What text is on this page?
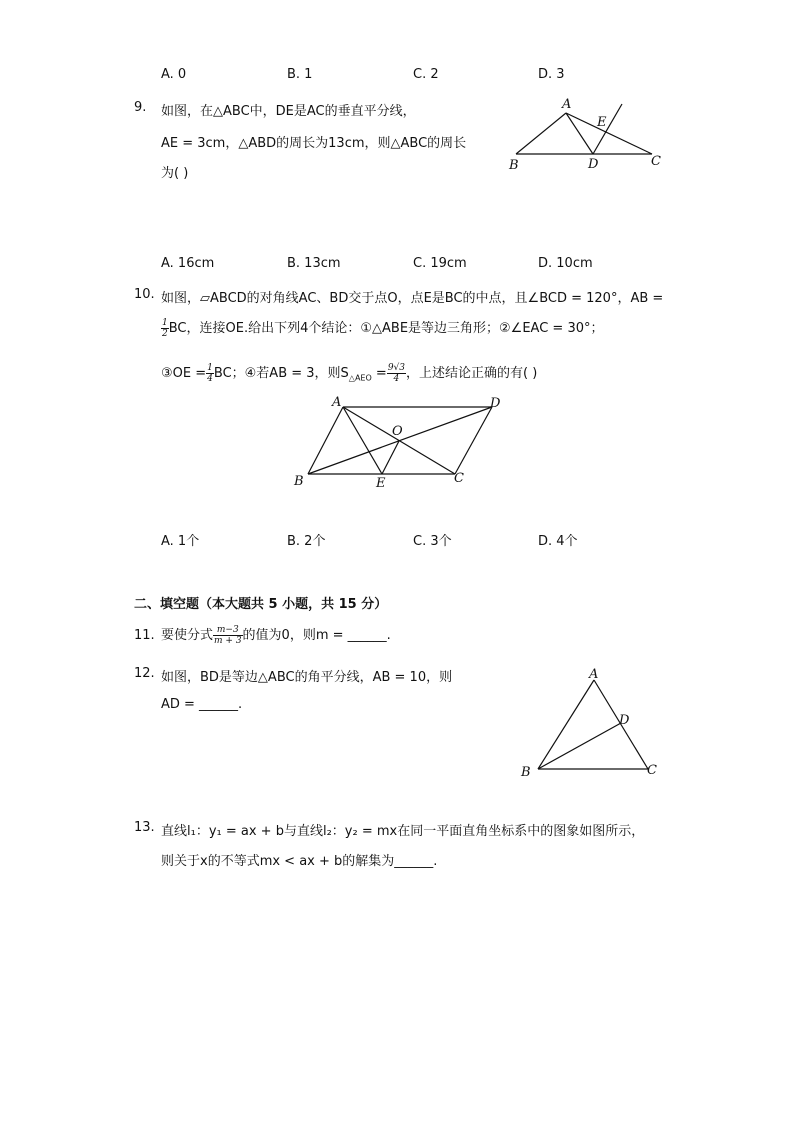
A. 0	B. 1	C. 2	D. 3
9. 如图，在△ABC中，DE是AC的垂直平分线，
AE = 3cm，△ABD的周长为13cm，则△ABC的周长
为( )
A
E
B	D	C
A. 16cm	B. 13cm	C. 19cm	D. 10cm
10. 如图，▱ABCD的对角线AC、BD交于点O，点E是BC的中点，且∠BCD = 120°，AB =
$\frac{1}{2}$ BC，连接OE.给出下列4个结论：①△ABE是等边三角形；②∠EAC = 30°；
③OE = $\frac{1}{4}$ BC；④若AB = 3，则$S_{\triangle AEO} = \frac{9√3}{4}$ ，上述结论正确的有( )
A	D
O
B	E	C
A. 1个	B. 2个	C. 3个	D. 4个
二、填空题（本大题共 5 小题，共 15 分）
11. 要使分式 $\frac{m-3}{m + 3}$ 的值为0，则m = ______.
12. 如图，BD是等边△ABC的角平分线，AB = 10，则
AD = ______.
A
D
B	C
13. 直线l₁：y₁ = ax + b与直线l₂：y₂ = mx在同一平面直角坐标系中的图象如图所示，
则关于x的不等式mx < ax + b的解集为______.
